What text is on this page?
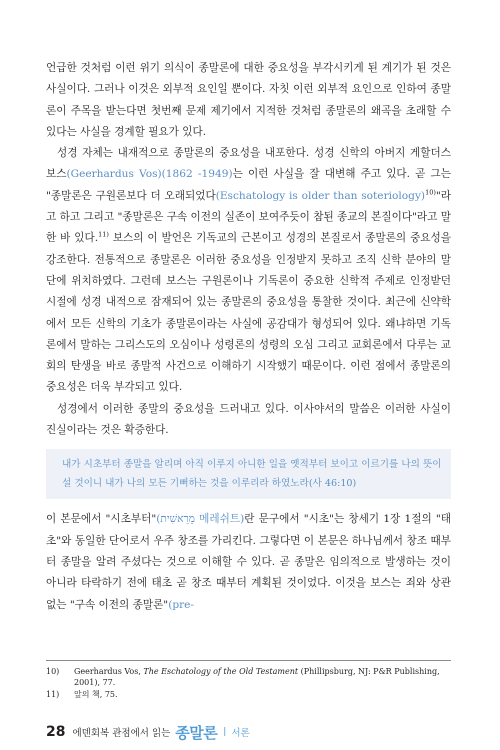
언급한 것처럼 이런 위기 의식이 종말론에 대한 중요성을 부각시키게 된 계기가 된 것은 사실이다. 그러나 이것은 외부적 요인일 뿐이다. 자칫 이런 외부적 요인으로 인하여 종말론이 주목을 받는다면 첫번째 문제 제기에서 지적한 것처럼 종말론의 왜곡을 초래할 수 있다는 사실을 경계할 필요가 있다.

성경 자체는 내재적으로 종말론의 중요성을 내포한다. 성경 신학의 아버지 게할더스 보스(Geerhardus Vos)(1862 -1949)는 이런 사실을 잘 대변해 주고 있다. 곧 그는 "종말론은 구원론보다 더 오래되었다(Eschatology is older than soteriology)$^{10)}$"라고 하고 그리고 "종말론은 구속 이전의 실존이 보여주듯이 참된 종교의 본질이다"라고 말한 바 있다.$^{11)}$ 보스의 이 발언은 기독교의 근본이고 성경의 본질로서 종말론의 중요성을 강조한다. 전통적으로 종말론은 이러한 중요성을 인정받지 못하고 조직 신학 분야의 말단에 위치하였다. 그런데 보스는 구원론이나 기독론이 중요한 신학적 주제로 인정받던 시절에 성경 내적으로 잠재되어 있는 종말론의 중요성을 통찰한 것이다. 최근에 신약학에서 모든 신학의 기초가 종말론이라는 사실에 공감대가 형성되어 있다. 왜냐하면 기독론에서 말하는 그리스도의 오심이나 성령론의 성령의 오심 그리고 교회론에서 다루는 교회의 탄생을 바로 종말적 사건으로 이해하기 시작했기 때문이다. 이런 점에서 종말론의 중요성은 더욱 부각되고 있다.

성경에서 이러한 종말의 중요성을 드러내고 있다. 이사야서의 말씀은 이러한 사실이 진실이라는 것은 확증한다.

내가 시초부터 종말을 알리며 아직 이루지 아니한 일을 옛적부터 보이고 이르기를 나의 뜻이 설 것이니 내가 나의 모든 기뻐하는 것을 이루리라 하였노라(사 46:10)

이 본문에서 "시초부터"(מֵרֵאשִׁית 메레쉬트)란 문구에서 "시초"는 창세기 1장 1절의 "태초"와 동일한 단어로서 우주 창조를 가리킨다. 그렇다면 이 본문은 하나님께서 창조 때부터 종말을 알려 주셨다는 것으로 이해할 수 있다. 곧 종말은 임의적으로 발생하는 것이 아니라 타락하기 전에 태초 곧 창조 때부터 계획된 것이었다. 이것을 보스는 죄와 상관 없는 "구속 이전의 종말론"(pre-

10) Geerhardus Vos, The Eschatology of the Old Testament (Phillipsburg, NJ: P&R Publishing, 2001), 77.

11) 앞의 책, 75.

28 에덴회복 관점에서 읽는 종말론 | 서론
